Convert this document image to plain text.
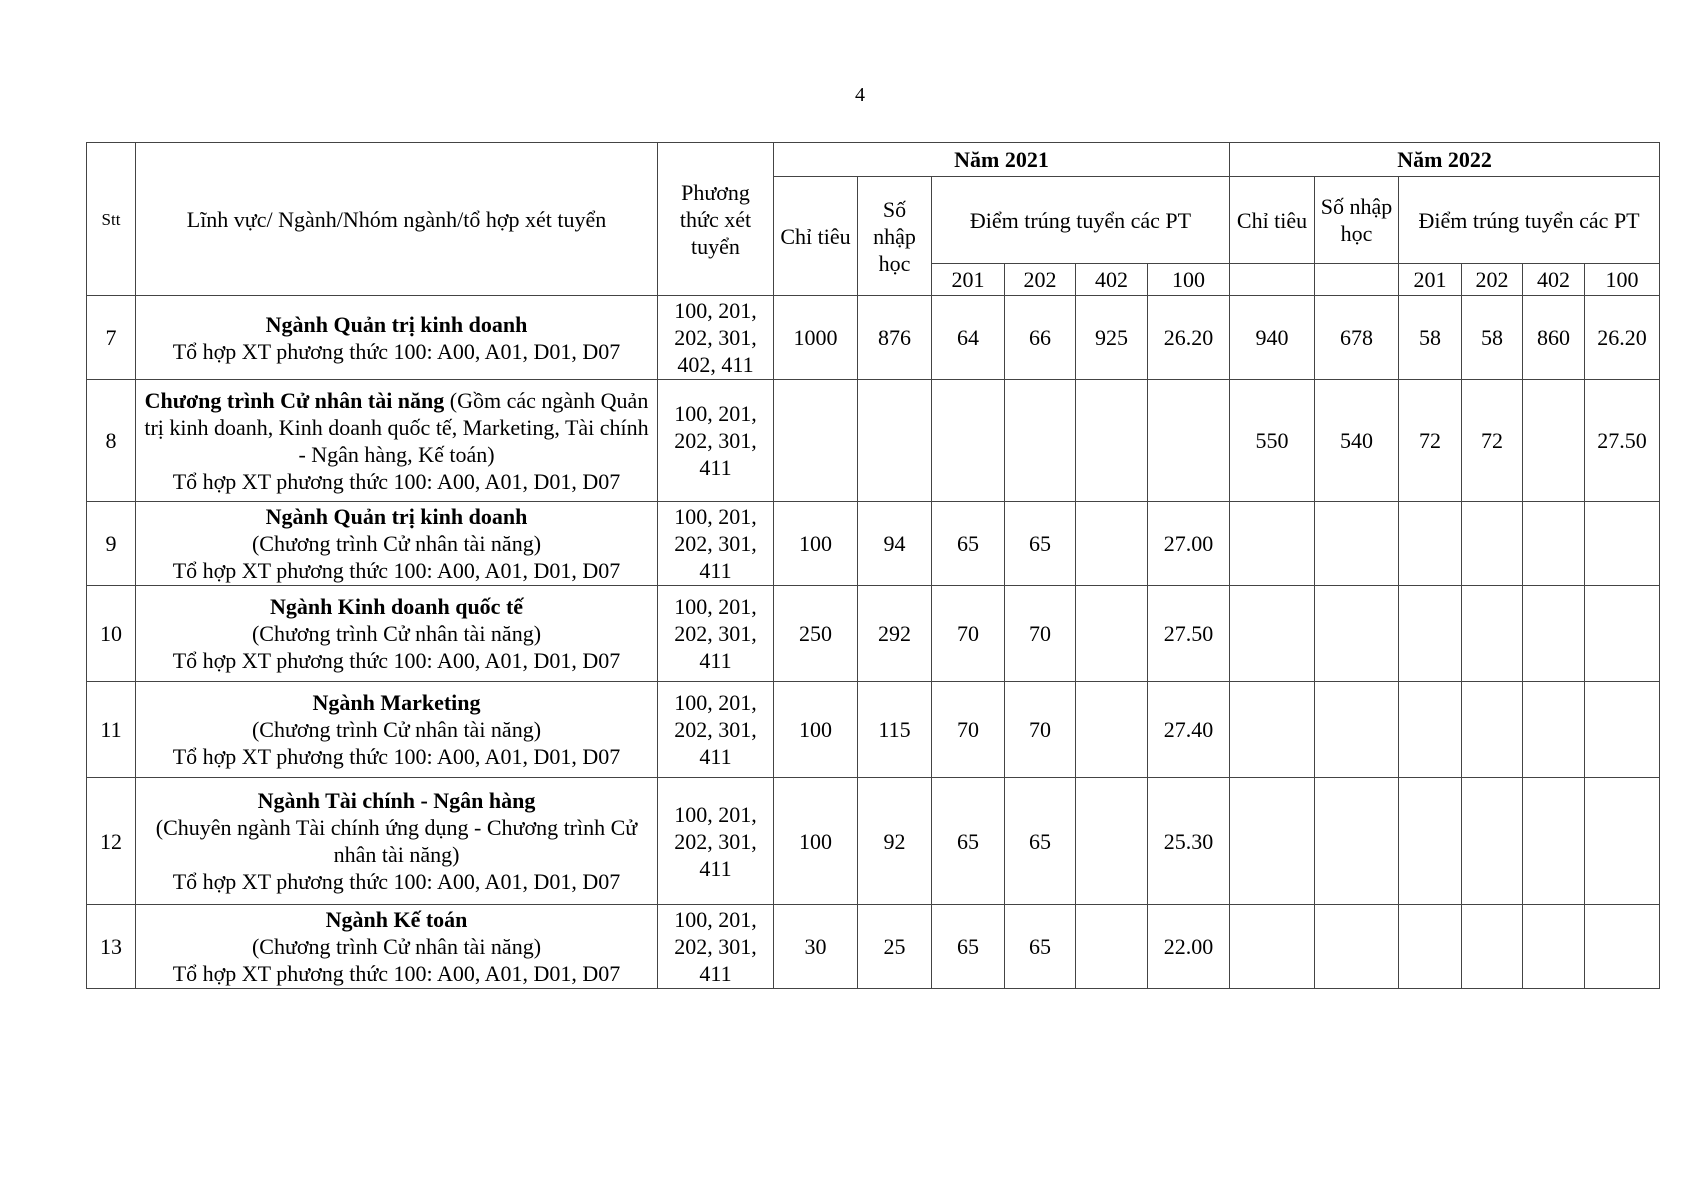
4
Stt	Lĩnh vực/ Ngành/Nhóm ngành/tổ hợp xét tuyển	Phương thức xét tuyển	Năm 2021						Năm 2022					
			Chỉ tiêu	Số nhập học	Điểm trúng tuyển các PT				Chỉ tiêu	Số nhập học	Điểm trúng tuyển các PT			
					201	202	402	100			201	202	402	100
7	Ngành Quản trị kinh doanh
Tổ hợp XT phương thức 100: A00, A01, D01, D07	100, 201, 202, 301, 402, 411	1000	876	64	66	925	26.20	940	678	58	58	860	26.20
8	Chương trình Cử nhân tài năng (Gồm các ngành Quản trị kinh doanh, Kinh doanh quốc tế, Marketing, Tài chính - Ngân hàng, Kế toán)
Tổ hợp XT phương thức 100: A00, A01, D01, D07	100, 201, 202, 301, 411							550	540	72	72		27.50
9	Ngành Quản trị kinh doanh
(Chương trình Cử nhân tài năng)
Tổ hợp XT phương thức 100: A00, A01, D01, D07	100, 201, 202, 301, 411	100	94	65	65		27.00						
10	Ngành Kinh doanh quốc tế
(Chương trình Cử nhân tài năng)
Tổ hợp XT phương thức 100: A00, A01, D01, D07	100, 201, 202, 301, 411	250	292	70	70		27.50						
11	Ngành Marketing
(Chương trình Cử nhân tài năng)
Tổ hợp XT phương thức 100: A00, A01, D01, D07	100, 201, 202, 301, 411	100	115	70	70		27.40						
12	Ngành Tài chính - Ngân hàng
(Chuyên ngành Tài chính ứng dụng - Chương trình Cử nhân tài năng)
Tổ hợp XT phương thức 100: A00, A01, D01, D07	100, 201, 202, 301, 411	100	92	65	65		25.30						
13	Ngành Kế toán
(Chương trình Cử nhân tài năng)
Tổ hợp XT phương thức 100: A00, A01, D01, D07	100, 201, 202, 301, 411	30	25	65	65		22.00						
